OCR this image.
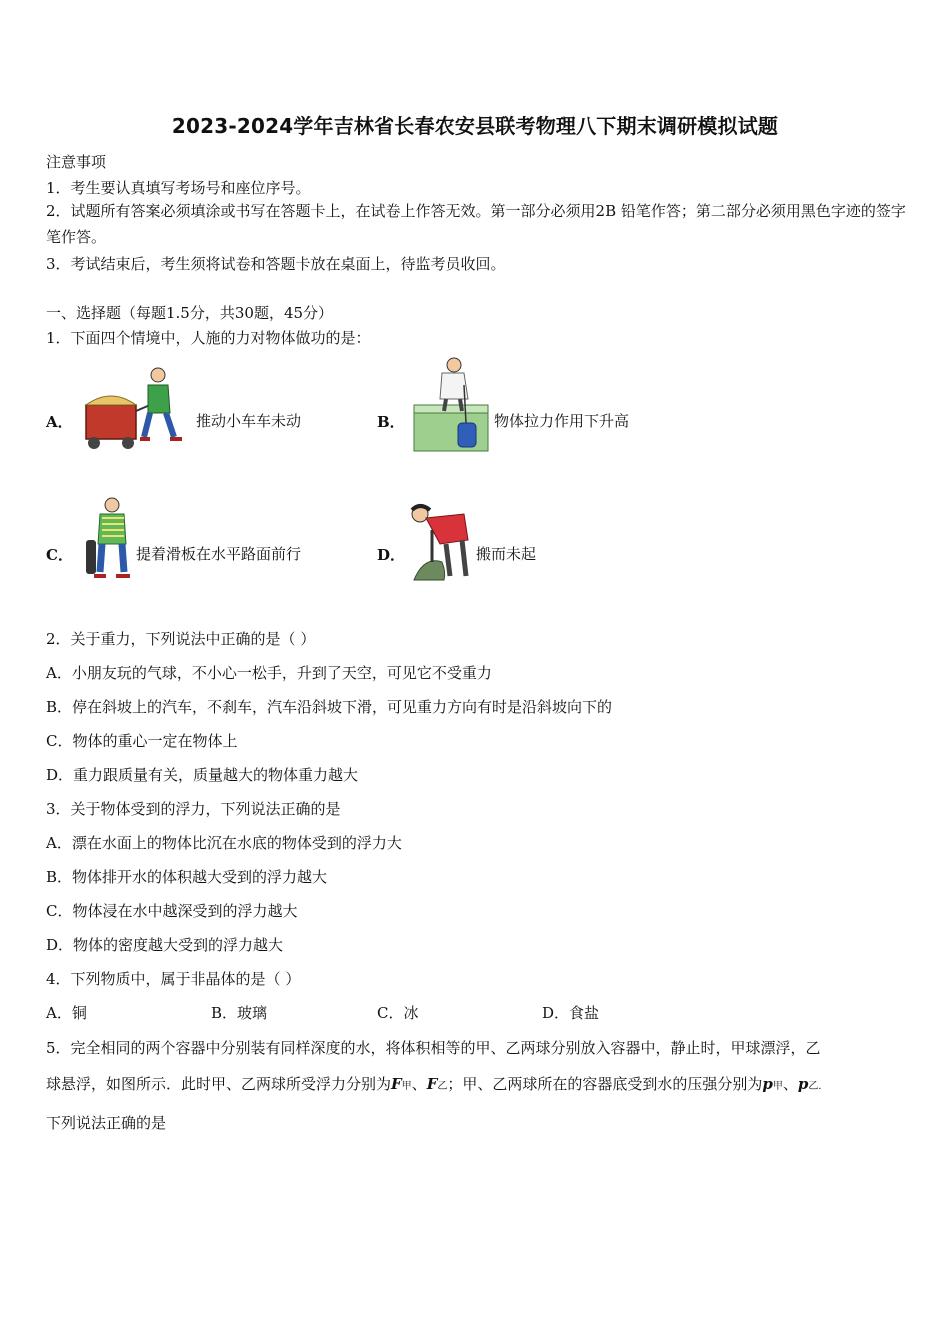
2023-2024学年吉林省长春农安县联考物理八下期末调研模拟试题
注意事项
1．考生要认真填写考场号和座位序号。
2．试题所有答案必须填涂或书写在答题卡上，在试卷上作答无效。第一部分必须用2B 铅笔作答；第二部分必须用黑色字迹的签字笔作答。
3．考试结束后，考生须将试卷和答题卡放在桌面上，待监考员收回。
一、选择题（每题1.5分，共30题，45分）
1．下面四个情境中，人施的力对物体做功的是：
A．	推动小车车未动	B．	物体拉力作用下升高
C．	提着滑板在水平路面前行	D．	搬而未起
2．关于重力，下列说法中正确的是（ ）
A．小朋友玩的气球，不小心一松手，升到了天空，可见它不受重力
B．停在斜坡上的汽车，不刹车，汽车沿斜坡下滑，可见重力方向有时是沿斜坡向下的
C．物体的重心一定在物体上
D．重力跟质量有关，质量越大的物体重力越大
3．关于物体受到的浮力，下列说法正确的是
A．漂在水面上的物体比沉在水底的物体受到的浮力大
B．物体排开水的体积越大受到的浮力越大
C．物体浸在水中越深受到的浮力越大
D．物体的密度越大受到的浮力越大
4．下列物质中，属于非晶体的是（ ）
A．铜	B．玻璃	C．冰	D．食盐
5．完全相同的两个容器中分别装有同样深度的水，将体积相等的甲、乙两球分别放入容器中，静止时，甲球漂浮，乙
球悬浮，如图所示．此时甲、乙两球所受浮力分别为F甲、F乙；甲、乙两球所在的容器底受到水的压强分别为p甲、p乙．
下列说法正确的是
